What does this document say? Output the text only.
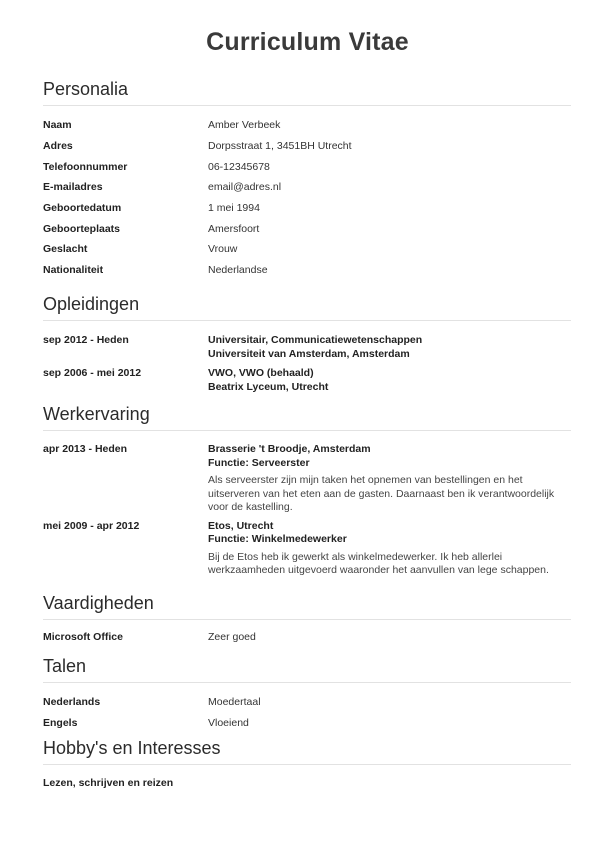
Curriculum Vitae
Personalia
Naam	Amber Verbeek
Adres	Dorpsstraat 1, 3451BH Utrecht
Telefoonnummer	06-12345678
E-mailadres	email@adres.nl
Geboortedatum	1 mei 1994
Geboorteplaats	Amersfoort
Geslacht	Vrouw
Nationaliteit	Nederlandse
Opleidingen
sep 2012 - Heden	Universitair, Communicatiewetenschappen
Universiteit van Amsterdam, Amsterdam
sep 2006 - mei 2012	VWO, VWO (behaald)
Beatrix Lyceum, Utrecht
Werkervaring
apr 2013 - Heden	Brasserie 't Broodje, Amsterdam
Functie: Serveerster
Als serveerster zijn mijn taken het opnemen van bestellingen en het uitserveren van het eten aan de gasten. Daarnaast ben ik verantwoordelijk voor de kastelling.
mei 2009 - apr 2012	Etos, Utrecht
Functie: Winkelmedewerker
Bij de Etos heb ik gewerkt als winkelmedewerker. Ik heb allerlei werkzaamheden uitgevoerd waaronder het aanvullen van lege schappen.
Vaardigheden
Microsoft Office	Zeer goed
Talen
Nederlands	Moedertaal
Engels	Vloeiend
Hobby's en Interesses
Lezen, schrijven en reizen
